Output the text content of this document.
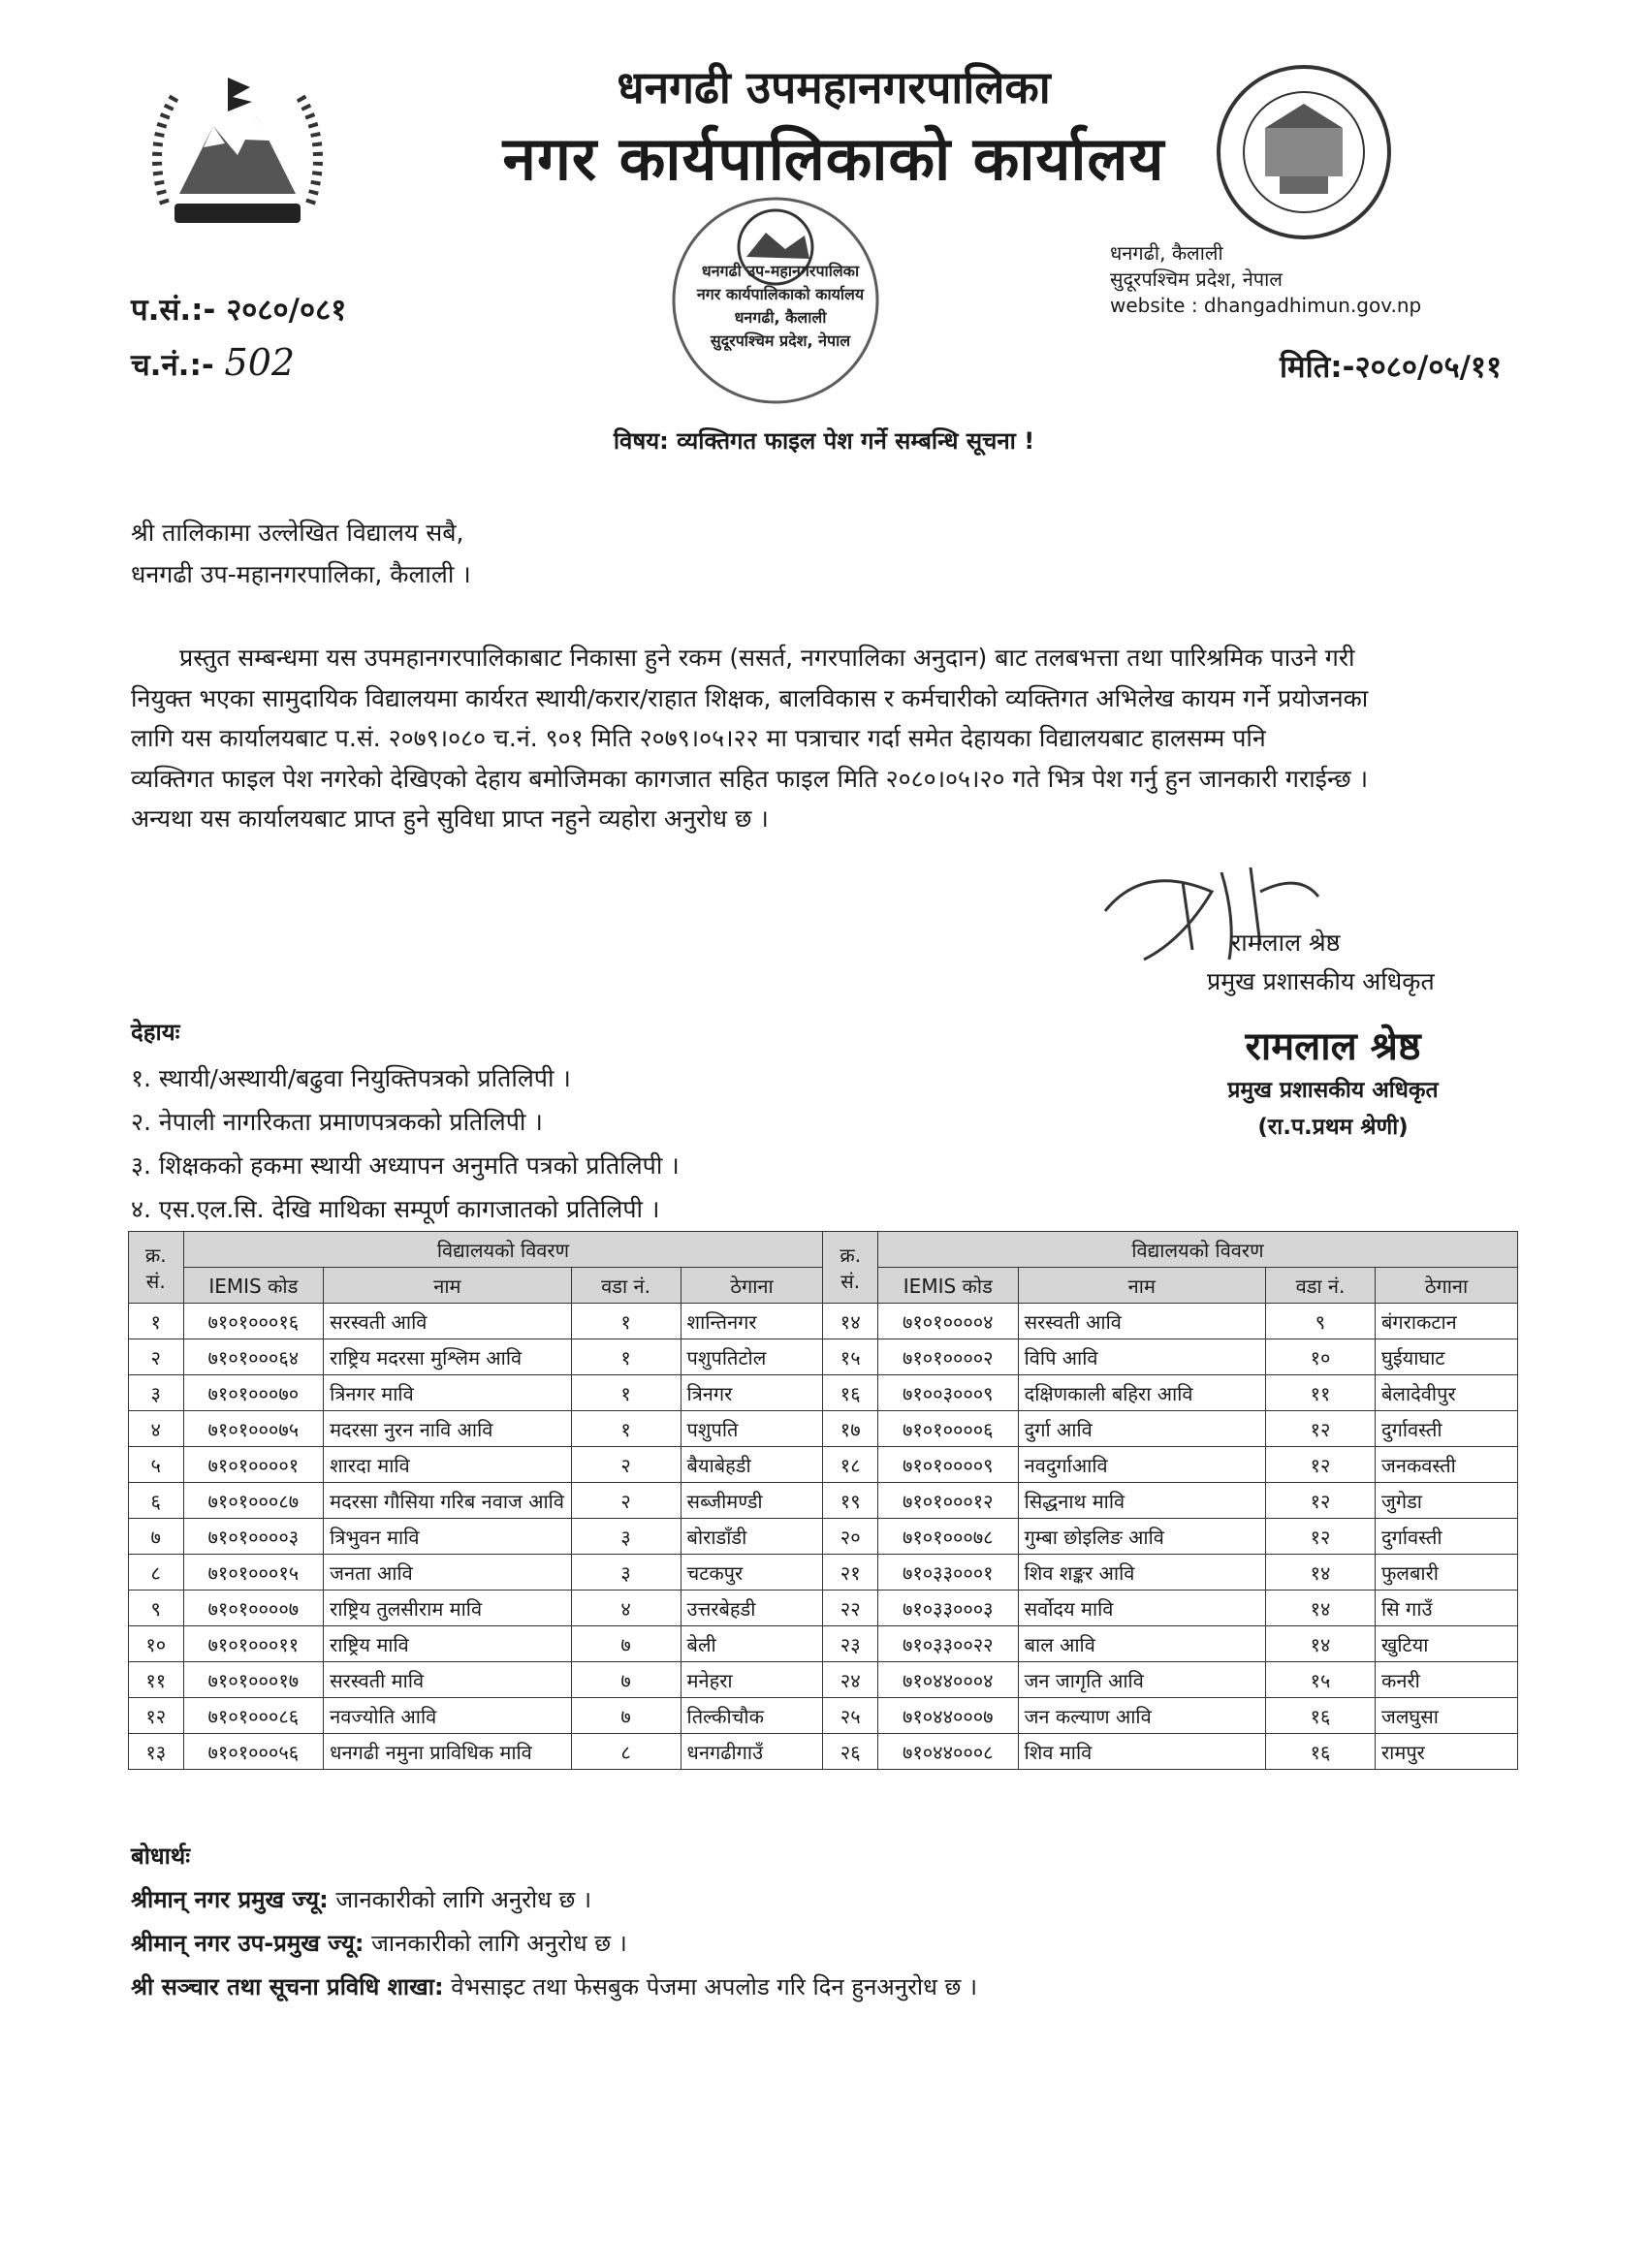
धनगढी उपमहानगरपालिका
नगर कार्यपालिकाको कार्यालय
धनगढी उप-महानगरपालिका
नगर कार्यपालिकाको कार्यालय
धनगढी, कैलाली
सुदूरपश्चिम प्रदेश, नेपाल
धनगढी, कैलाली
सुदूरपश्चिम प्रदेश, नेपाल
website : dhangadhimun.gov.np
प.सं.:- २०८०/०८१
च.नं.:- 502	मिति:-२०८०/०५/११
विषय: व्यक्तिगत फाइल पेश गर्ने सम्बन्धि सूचना !
श्री तालिकामा उल्लेखित विद्यालय सबै,
धनगढी उप-महानगरपालिका, कैलाली ।
प्रस्तुत सम्बन्धमा यस उपमहानगरपालिकाबाट निकासा हुने रकम (ससर्त, नगरपालिका अनुदान) बाट तलबभत्ता तथा पारिश्रमिक पाउने गरी
नियुक्त भएका सामुदायिक विद्यालयमा कार्यरत स्थायी/करार/राहात शिक्षक, बालविकास र कर्मचारीको व्यक्तिगत अभिलेख कायम गर्ने प्रयोजनका
लागि यस कार्यालयबाट प.सं. २०७९।०८० च.नं. ९०१ मिति २०७९।०५।२२ मा पत्राचार गर्दा समेत देहायका विद्यालयबाट हालसम्म पनि
व्यक्तिगत फाइल पेश नगरेको देखिएको देहाय बमोजिमका कागजात सहित फाइल मिति २०८०।०५।२० गते भित्र पेश गर्नु हुन जानकारी गराईन्छ ।
अन्यथा यस कार्यालयबाट प्राप्त हुने सुविधा प्राप्त नहुने व्यहोरा अनुरोध छ ।
रामलाल श्रेष्ठ
प्रमुख प्रशासकीय अधिकृत
रामलाल श्रेष्ठ
प्रमुख प्रशासकीय अधिकृत
(रा.प.प्रथम श्रेणी)
देहायः
१. स्थायी/अस्थायी/बढुवा नियुक्तिपत्रको प्रतिलिपी ।
२. नेपाली नागरिकता प्रमाणपत्रकको प्रतिलिपी ।
३. शिक्षकको हकमा स्थायी अध्यापन अनुमति पत्रको प्रतिलिपी ।
४. एस.एल.सि. देखि माथिका सम्पूर्ण कागजातको प्रतिलिपी ।
क्र.
सं.	विद्यालयको विवरण				क्र.
सं.	विद्यालयको विवरण			
	IEMIS कोड	नाम	वडा नं.	ठेगाना		IEMIS कोड	नाम	वडा नं.	ठेगाना
१	७१०१०००१६	सरस्वती आवि	१	शान्तिनगर	१४	७१०१००००४	सरस्वती आवि	९	बंगराकटान
२	७१०१०००६४	राष्ट्रिय मदरसा मुश्लिम आवि	१	पशुपतिटोल	१५	७१०१००००२	विपि आवि	१०	घुईयाघाट
३	७१०१०००७०	त्रिनगर मावि	१	त्रिनगर	१६	७१००३०००९	दक्षिणकाली बहिरा आवि	११	बेलादेवीपुर
४	७१०१०००७५	मदरसा नुरन नावि आवि	१	पशुपति	१७	७१०१००००६	दुर्गा आवि	१२	दुर्गावस्ती
५	७१०१००००१	शारदा मावि	२	बैयाबेहडी	१८	७१०१००००९	नवदुर्गाआवि	१२	जनकवस्ती
६	७१०१०००८७	मदरसा गौसिया गरिब नवाज आवि	२	सब्जीमण्डी	१९	७१०१०००१२	सिद्धनाथ मावि	१२	जुगेडा
७	७१०१००००३	त्रिभुवन मावि	३	बोराडाँडी	२०	७१०१०००७८	गुम्बा छोइलिङ आवि	१२	दुर्गावस्ती
८	७१०१०००१५	जनता आवि	३	चटकपुर	२१	७१०३३०००१	शिव शङ्कर आवि	१४	फुलबारी
९	७१०१००००७	राष्ट्रिय तुलसीराम मावि	४	उत्तरबेहडी	२२	७१०३३०००३	सर्वोदय मावि	१४	सि गाउँ
१०	७१०१०००११	राष्ट्रिय मावि	७	बेली	२३	७१०३३००२२	बाल आवि	१४	खुटिया
११	७१०१०००१७	सरस्वती मावि	७	मनेहरा	२४	७१०४४०००४	जन जागृति आवि	१५	कनरी
१२	७१०१०००८६	नवज्योति आवि	७	तिल्कीचौक	२५	७१०४४०००७	जन कल्याण आवि	१६	जलघुसा
१३	७१०१०००५६	धनगढी नमुना प्राविधिक मावि	८	धनगढीगाउँ	२६	७१०४४०००८	शिव मावि	१६	रामपुर
बोधार्थः
श्रीमान् नगर प्रमुख ज्यू: जानकारीको लागि अनुरोध छ ।
श्रीमान् नगर उप-प्रमुख ज्यू: जानकारीको लागि अनुरोध छ ।
श्री सञ्चार तथा सूचना प्रविधि शाखा: वेभसाइट तथा फेसबुक पेजमा अपलोड गरि दिन हुनअनुरोध छ ।
